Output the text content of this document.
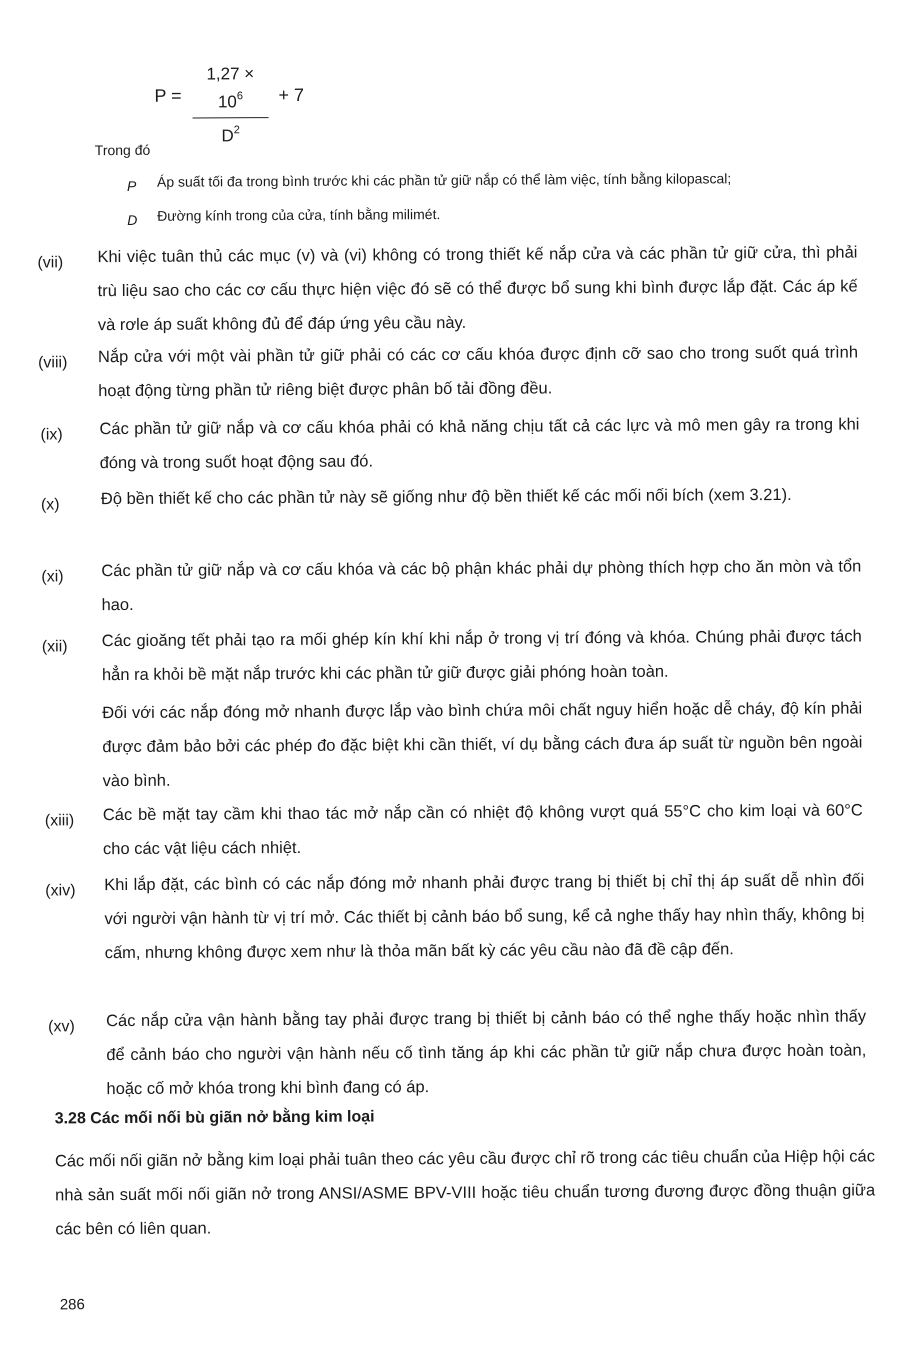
P =
$1,27 \times 10^6$
$D^2$
+ 7
Trong đó
P Áp suất tối đa trong bình trước khi các phần tử giữ nắp có thể làm việc, tính bằng kilopascal;
D Đường kính trong của cửa, tính bằng milimét.
(vii) Khi việc tuân thủ các mục (v) và (vi) không có trong thiết kế nắp cửa và các phần tử giữ cửa, thì phải trù liệu sao cho các cơ cấu thực hiện việc đó sẽ có thể được bổ sung khi bình được lắp đặt. Các áp kế và rơle áp suất không đủ để đáp ứng yêu cầu này.
(viii) Nắp cửa với một vài phần tử giữ phải có các cơ cấu khóa được định cỡ sao cho trong suốt quá trình hoạt động từng phần tử riêng biệt được phân bố tải đồng đều.
(ix) Các phần tử giữ nắp và cơ cấu khóa phải có khả năng chịu tất cả các lực và mô men gây ra trong khi đóng và trong suốt hoạt động sau đó.
(x) Độ bền thiết kế cho các phần tử này sẽ giống như độ bền thiết kế các mối nối bích (xem 3.21).
(xi) Các phần tử giữ nắp và cơ cấu khóa và các bộ phận khác phải dự phòng thích hợp cho ăn mòn và tổn hao.
(xii) Các gioăng tết phải tạo ra mối ghép kín khí khi nắp ở trong vị trí đóng và khóa. Chúng phải được tách hẳn ra khỏi bề mặt nắp trước khi các phần tử giữ được giải phóng hoàn toàn.
Đối với các nắp đóng mở nhanh được lắp vào bình chứa môi chất nguy hiển hoặc dễ cháy, độ kín phải được đảm bảo bởi các phép đo đặc biệt khi cần thiết, ví dụ bằng cách đưa áp suất từ nguồn bên ngoài vào bình.
(xiii) Các bề mặt tay cầm khi thao tác mở nắp cần có nhiệt độ không vượt quá 55°C cho kim loại và 60°C cho các vật liệu cách nhiệt.
(xiv) Khi lắp đặt, các bình có các nắp đóng mở nhanh phải được trang bị thiết bị chỉ thị áp suất dễ nhìn đối với người vận hành từ vị trí mở. Các thiết bị cảnh báo bổ sung, kể cả nghe thấy hay nhìn thấy, không bị cấm, nhưng không được xem như là thỏa mãn bất kỳ các yêu cầu nào đã đề cập đến.
(xv) Các nắp cửa vận hành bằng tay phải được trang bị thiết bị cảnh báo có thể nghe thấy hoặc nhìn thấy để cảnh báo cho người vận hành nếu cố tình tăng áp khi các phần tử giữ nắp chưa được hoàn toàn, hoặc cố mở khóa trong khi bình đang có áp.
3.28 Các mối nối bù giãn nở bằng kim loại
Các mối nối giãn nở bằng kim loại phải tuân theo các yêu cầu được chỉ rõ trong các tiêu chuẩn của Hiệp hội các nhà sản suất mối nối giãn nở trong ANSI/ASME BPV-VIII hoặc tiêu chuẩn tương đương được đồng thuận giữa các bên có liên quan.
286
